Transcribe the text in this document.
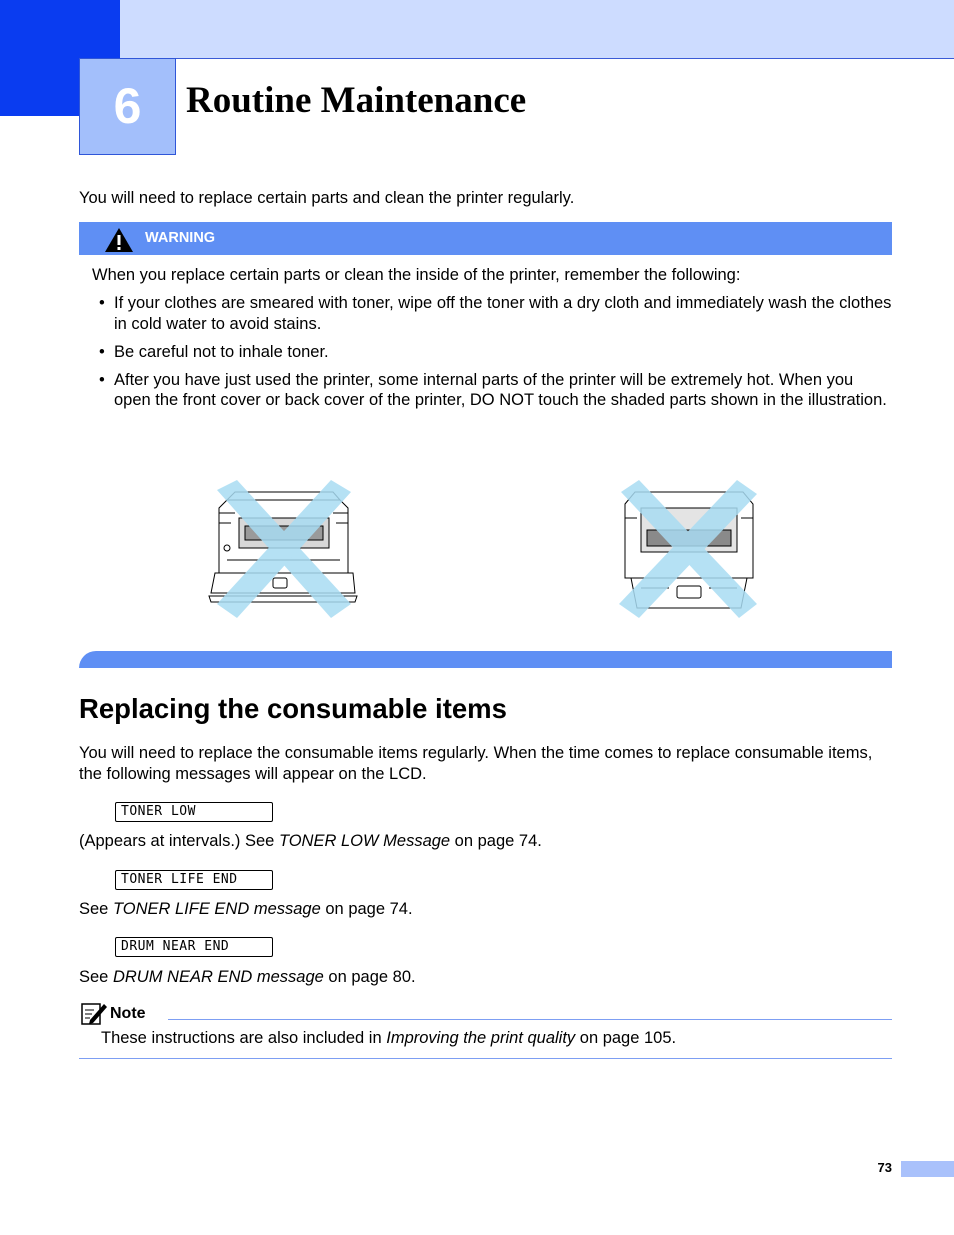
6	Routine Maintenance
You will need to replace certain parts and clean the printer regularly.
WARNING
When you replace certain parts or clean the inside of the printer, remember the following:
• If your clothes are smeared with toner, wipe off the toner with a dry cloth and immediately wash the clothes in cold water to avoid stains.
• Be careful not to inhale toner.
• After you have just used the printer, some internal parts of the printer will be extremely hot. When you open the front cover or back cover of the printer, DO NOT touch the shaded parts shown in the illustration.
Replacing the consumable items
You will need to replace the consumable items regularly. When the time comes to replace consumable items, the following messages will appear on the LCD.
TONER LOW
(Appears at intervals.) See TONER LOW Message on page 74.
TONER LIFE END
See TONER LIFE END message on page 74.
DRUM NEAR END
See DRUM NEAR END message on page 80.
Note
These instructions are also included in Improving the print quality on page 105.
73
